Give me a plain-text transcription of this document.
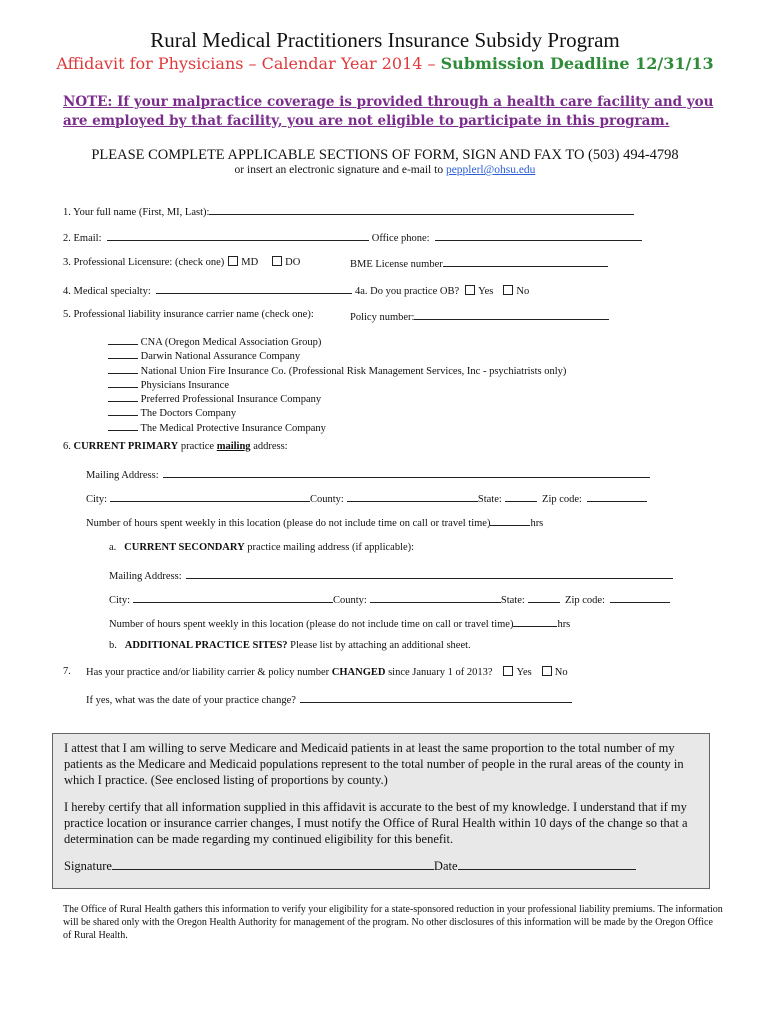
Rural Medical Practitioners Insurance Subsidy Program
Affidavit for Physicians – Calendar Year 2014 – Submission Deadline 12/31/13
NOTE: If your malpractice coverage is provided through a health care facility and you are employed by that facility, you are not eligible to participate in this program.
PLEASE COMPLETE APPLICABLE SECTIONS OF FORM, SIGN AND FAX TO (503) 494-4798
or insert an electronic signature and e-mail to pepplerl@ohsu.edu
1. Your full name (First, MI, Last):
2. Email:	Office phone:
3. Professional Licensure: (check one) MD	DO	BME License number
4. Medical specialty:	4a. Do you practice OB? Yes No
5. Professional liability insurance carrier name (check one):	Policy number:
CNA (Oregon Medical Association Group)
Darwin National Assurance Company
National Union Fire Insurance Co. (Professional Risk Management Services, Inc - psychiatrists only)
Physicians Insurance
Preferred Professional Insurance Company
The Doctors Company
The Medical Protective Insurance Company
6. CURRENT PRIMARY practice mailing address:
Mailing Address:
City:	County:	State:	Zip code:
Number of hours spent weekly in this location (please do not include time on call or travel time)	hrs
a. CURRENT SECONDARY practice mailing address (if applicable):
Mailing Address:
City:	County:	State:	Zip code:
Number of hours spent weekly in this location (please do not include time on call or travel time)	hrs
b. ADDITIONAL PRACTICE SITES? Please list by attaching an additional sheet.
7. Has your practice and/or liability carrier & policy number CHANGED since January 1 of 2013? Yes No
If yes, what was the date of your practice change?

I attest that I am willing to serve Medicare and Medicaid patients in at least the same proportion to the total number of my patients as the Medicare and Medicaid populations represent to the total number of people in the rural areas of the county in which I practice. (See enclosed listing of proportions by county.)

I hereby certify that all information supplied in this affidavit is accurate to the best of my knowledge. I understand that if my practice location or insurance carrier changes, I must notify the Office of Rural Health within 10 days of the change so that a determination can be made regarding my continued eligibility for this benefit.

Signature	Date
The Office of Rural Health gathers this information to verify your eligibility for a state-sponsored reduction in your professional liability premiums. The information will be shared only with the Oregon Health Authority for management of the program. No other disclosures of this information will be made by the Oregon Office of Rural Health.
